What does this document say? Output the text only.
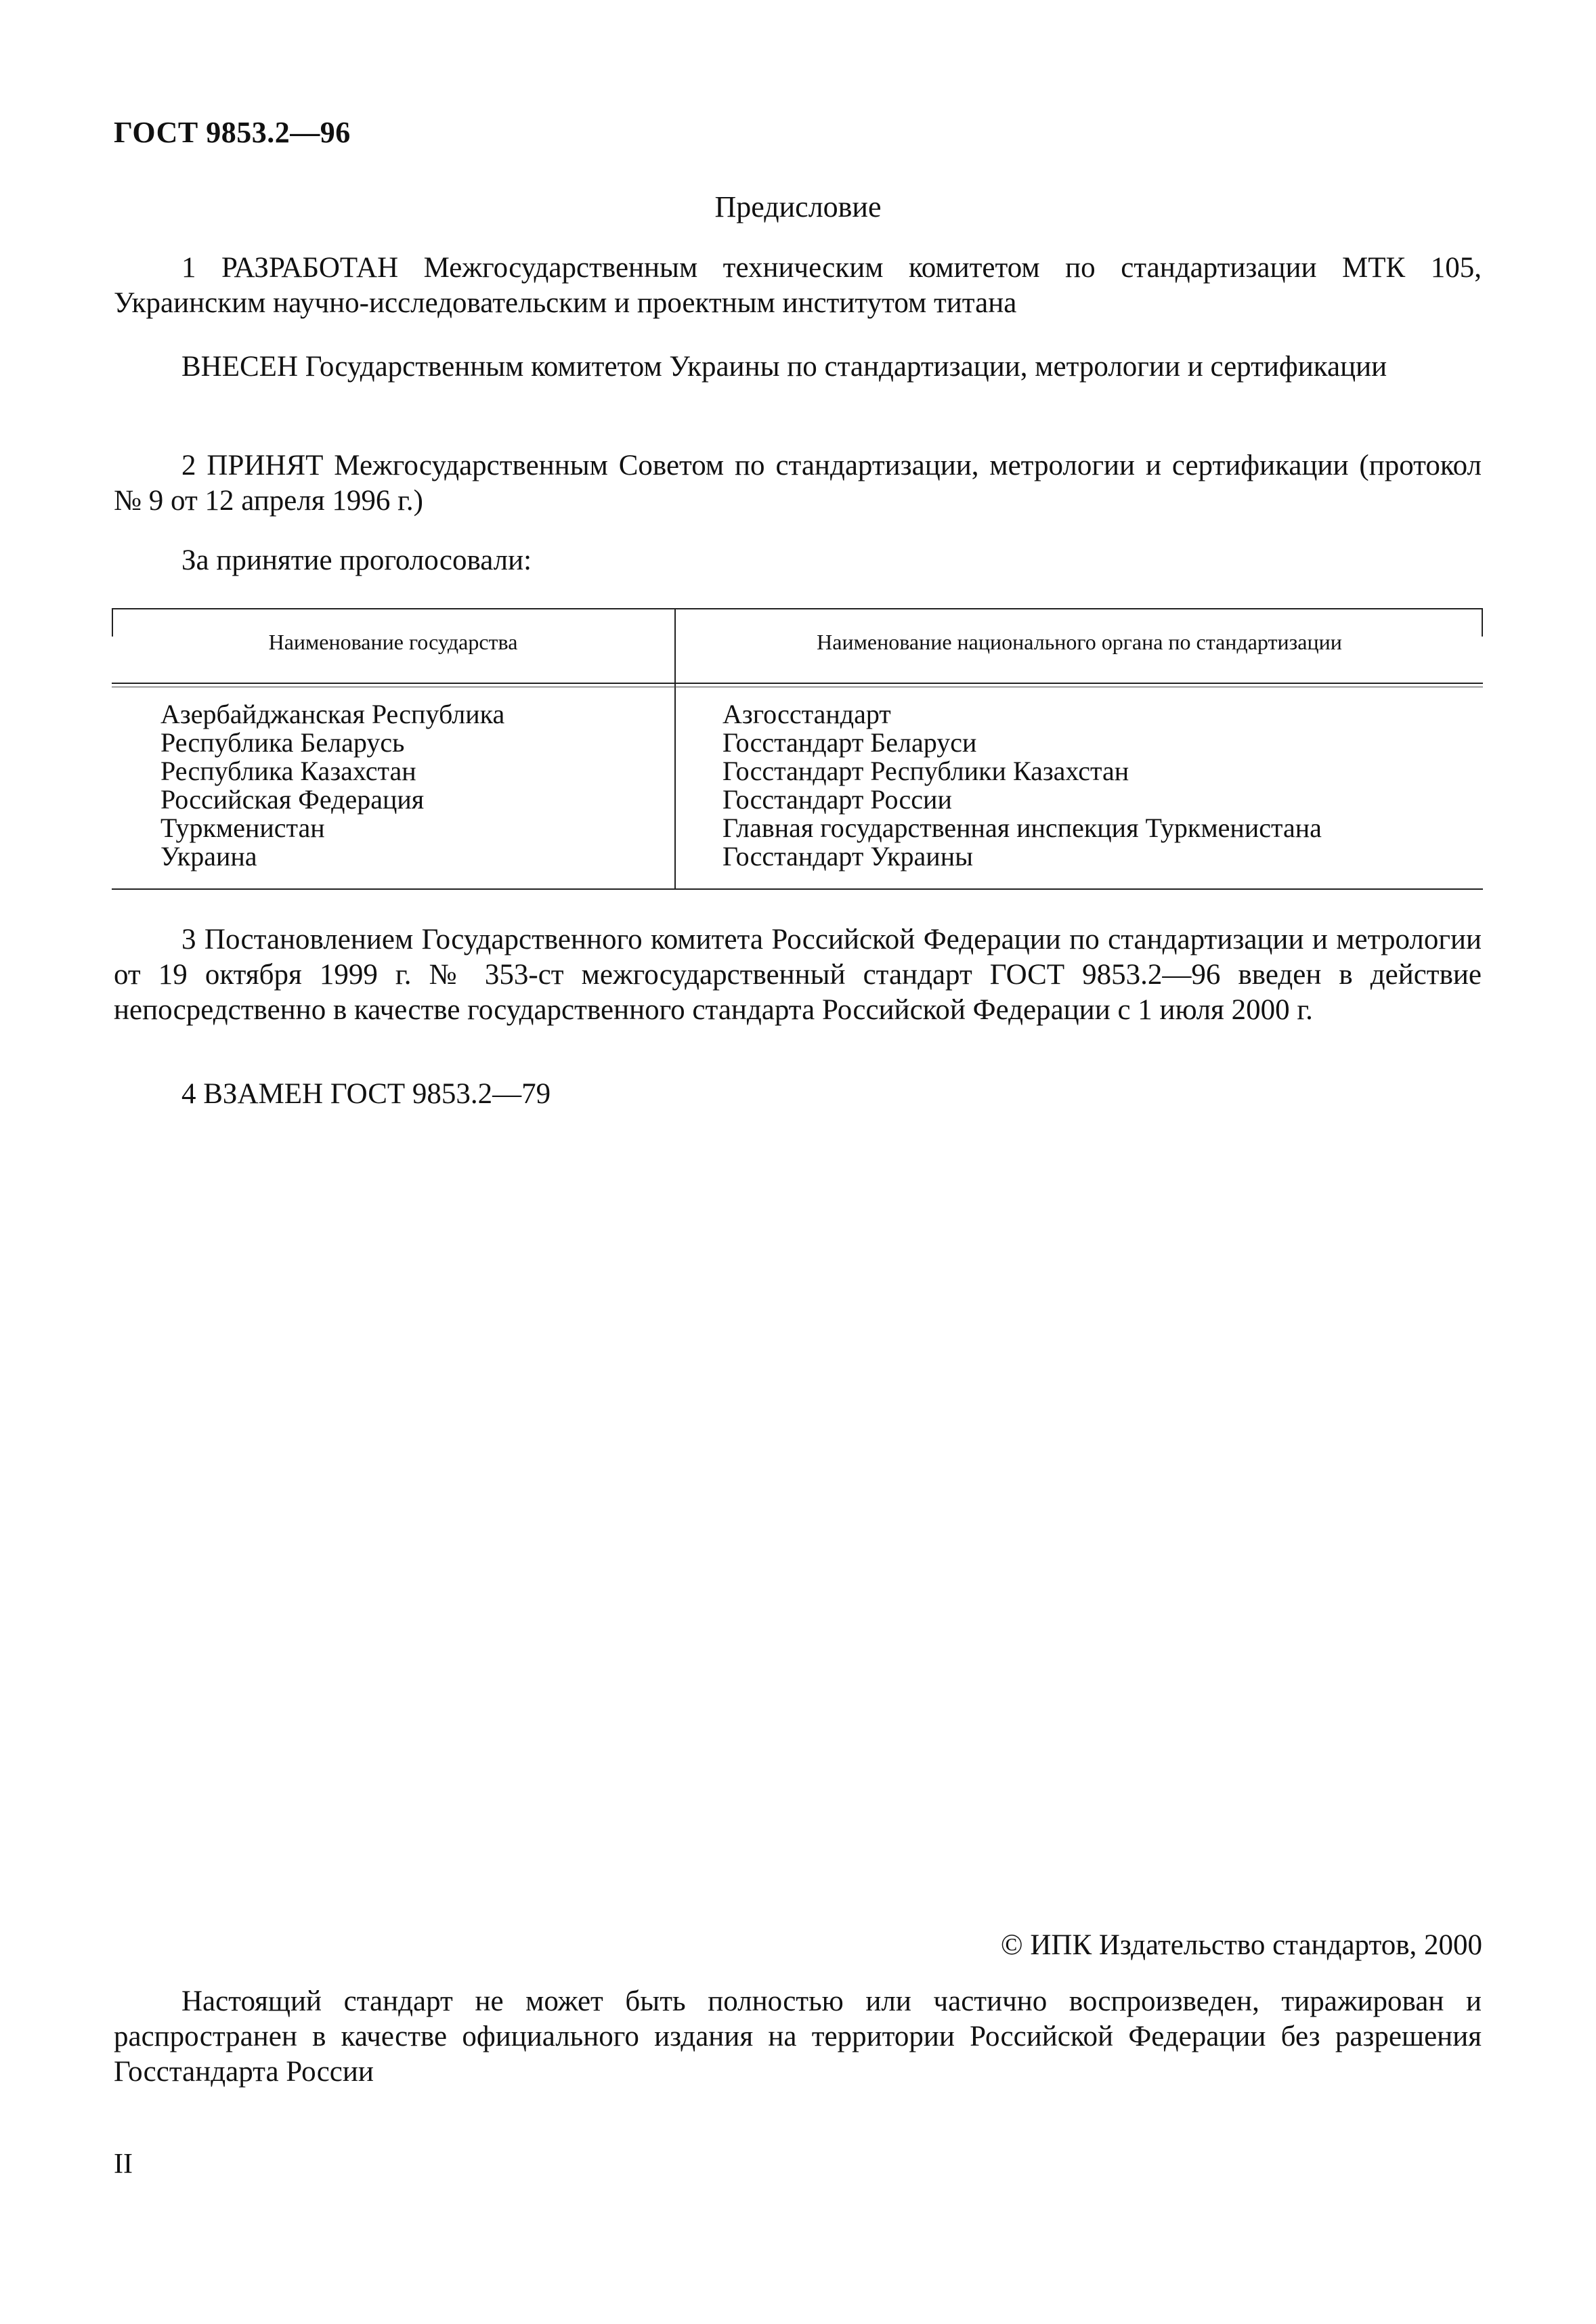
ГОСТ 9853.2—96
Предисловие
1 РАЗРАБОТАН Межгосударственным техническим комитетом по стандартизации МТК 105, Украинским научно-исследовательским и проектным институтом титана
ВНЕСЕН Государственным комитетом Украины по стандартизации, метрологии и сертификации
2 ПРИНЯТ Межгосударственным Советом по стандартизации, метрологии и сертификации (протокол № 9 от 12 апреля 1996 г.)
За принятие проголосовали:
Наименование государства	Наименование национального органа по стандартизации
Азербайджанская Республика
Республика Беларусь
Республика Казахстан
Российская Федерация
Туркменистан
Украина
Азгосстандарт
Госстандарт Беларуси
Госстандарт Республики Казахстан
Госстандарт России
Главная государственная инспекция Туркменистана
Госстандарт Украины
3 Постановлением Государственного комитета Российской Федерации по стандартизации и метрологии от 19 октября 1999 г. № 353-ст межгосударственный стандарт ГОСТ 9853.2—96 введен в действие непосредственно в качестве государственного стандарта Российской Федерации с 1 июля 2000 г.
4 ВЗАМЕН ГОСТ 9853.2—79
© ИПК Издательство стандартов, 2000
Настоящий стандарт не может быть полностью или частично воспроизведен, тиражирован и распространен в качестве официального издания на территории Российской Федерации без разрешения Госстандарта России
II
